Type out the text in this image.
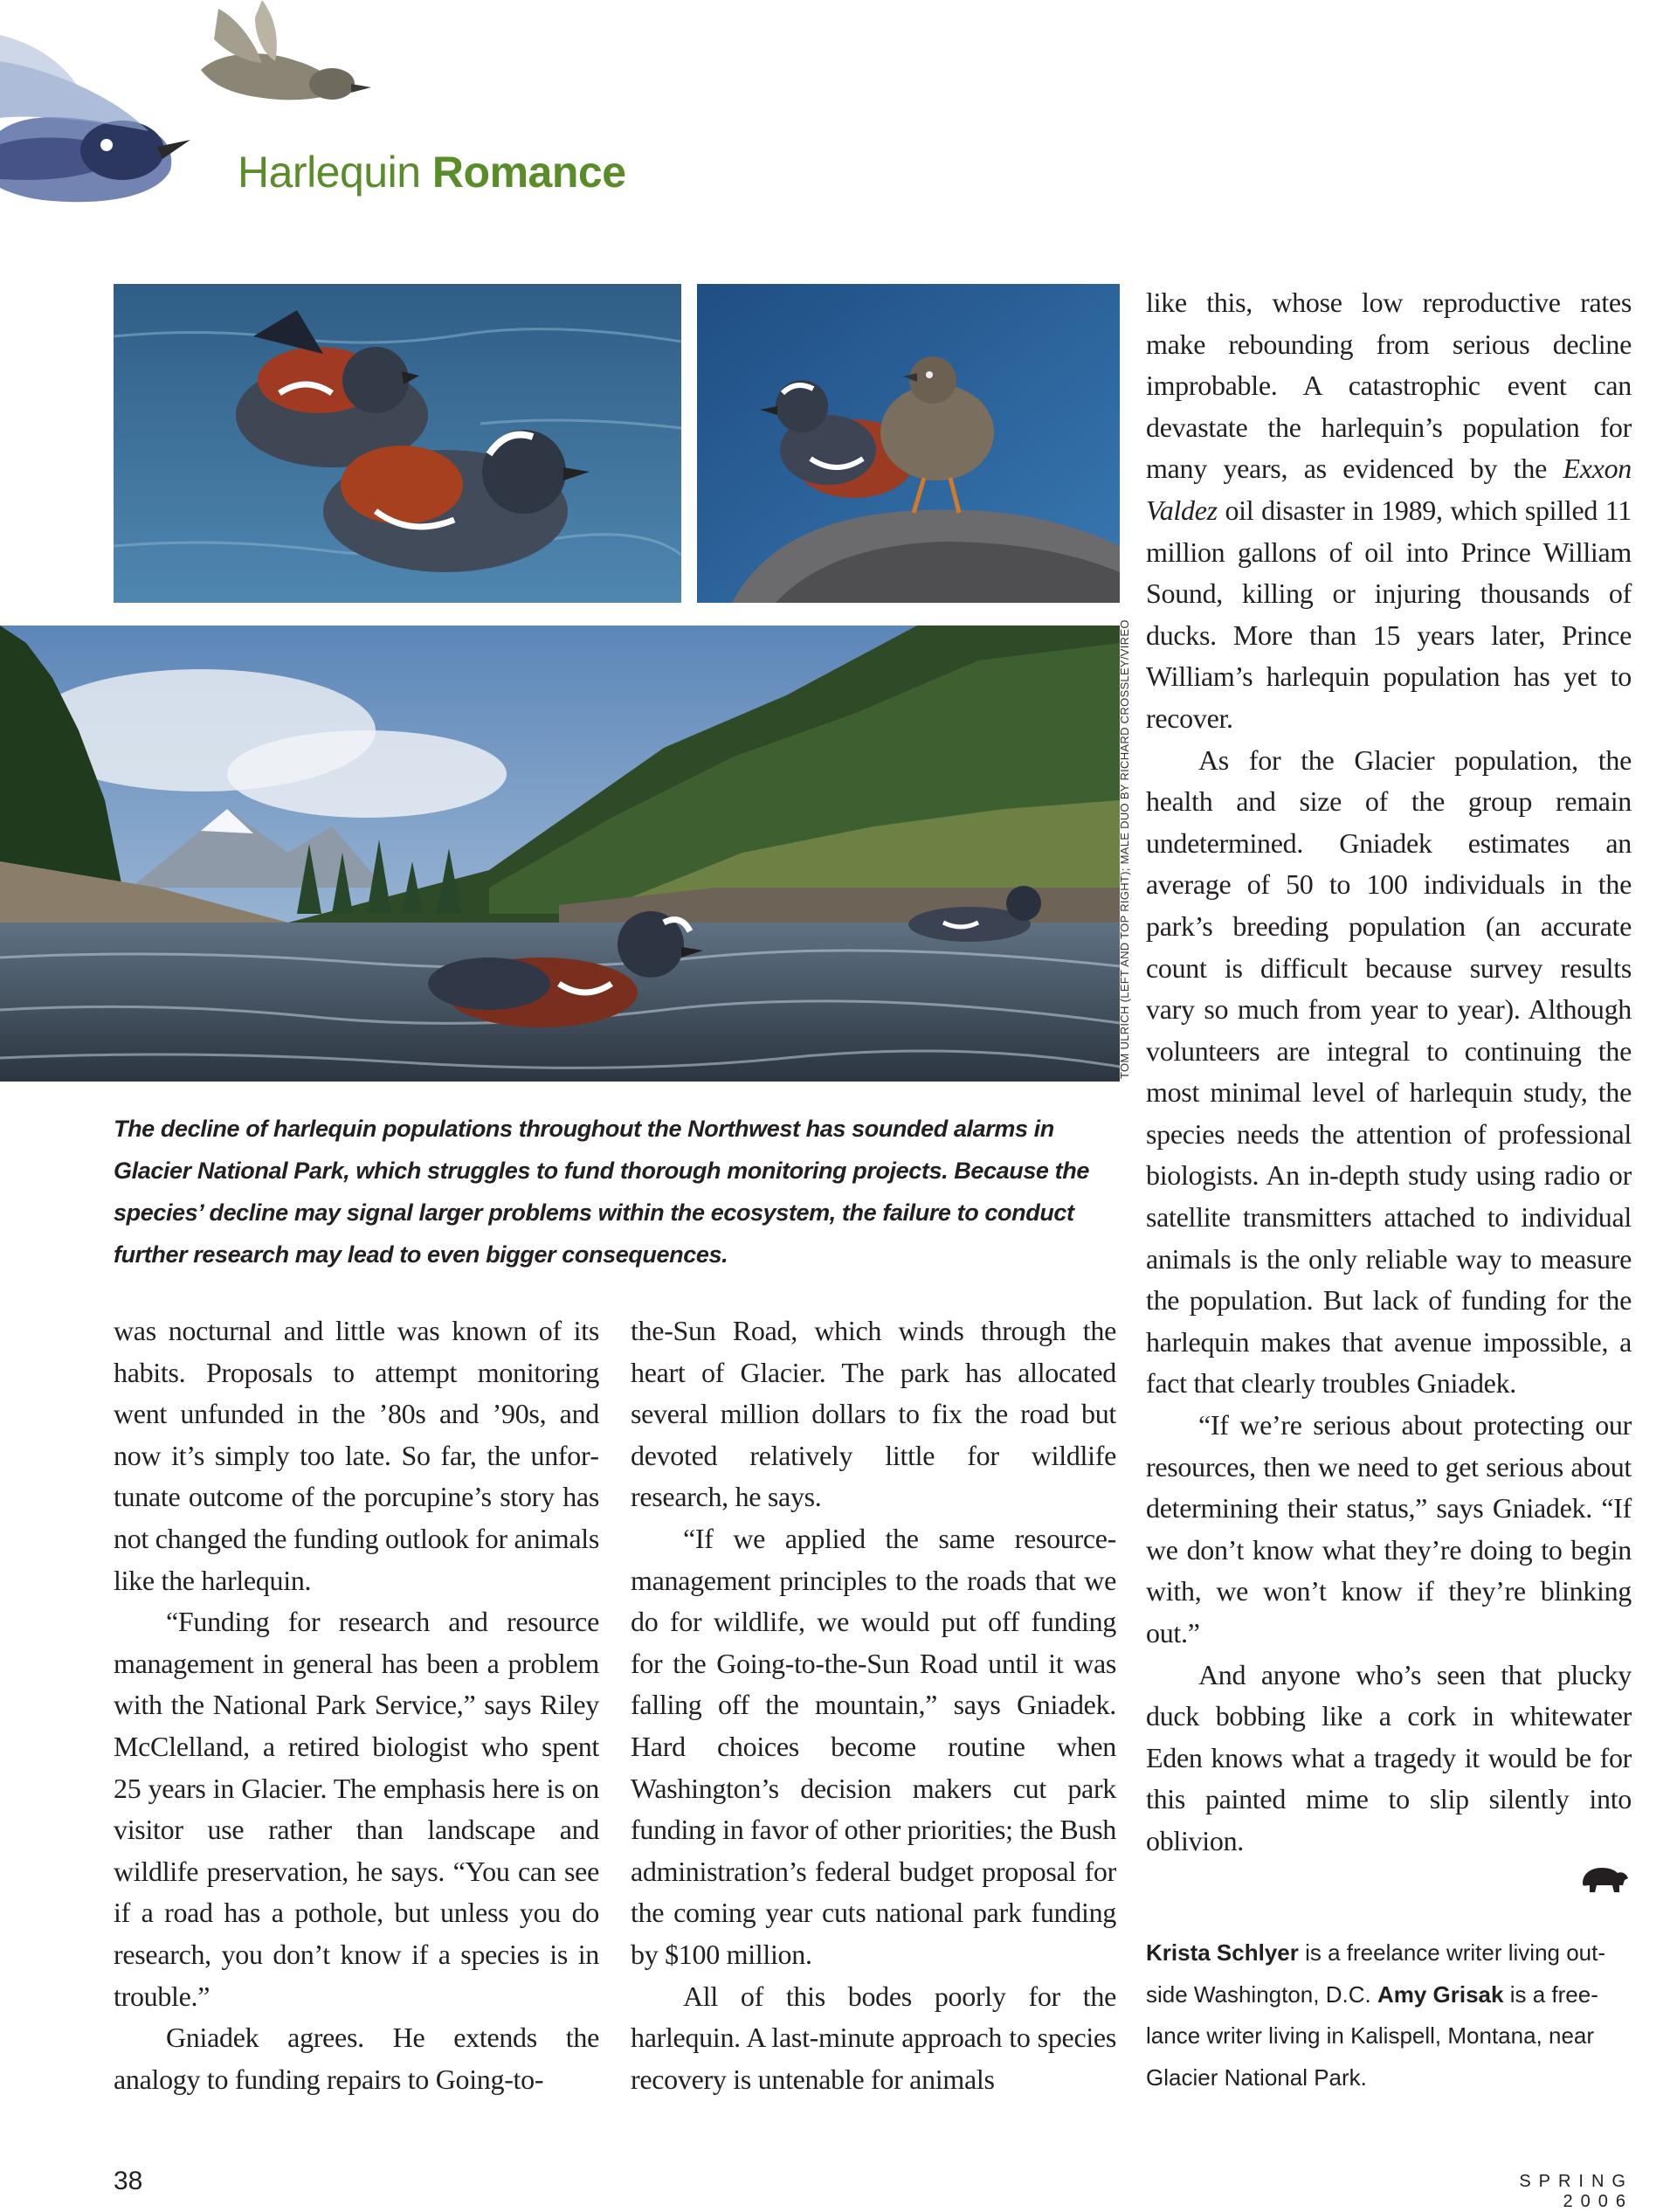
Harlequin Romance
TOM ULRICH (LEFT AND TOP RIGHT); MALE DUO BY RICHARD CROSSLEY/VIREO
The decline of harlequin populations throughout the Northwest has sounded alarms in Glacier National Park, which struggles to fund thorough monitoring projects. Because the species’ decline may signal larger problems within the ecosystem, the failure to conduct further research may lead to even bigger consequences.

was nocturnal and little was known of its habits. Proposals to attempt monitoring went unfunded in the ’80s and ’90s, and now it’s simply too late. So far, the unfortunate outcome of the porcupine’s story has not changed the funding outlook for animals like the harlequin.

“Funding for research and resource management in general has been a problem with the National Park Service,” says Riley McClelland, a retired biologist who spent 25 years in Glacier. The emphasis here is on visitor use rather than landscape and wildlife preservation, he says. “You can see if a road has a pothole, but unless you do research, you don’t know if a species is in trouble.”

Gniadek agrees. He extends the analogy to funding repairs to Going-to-

the-Sun Road, which winds through the heart of Glacier. The park has allocated several million dollars to fix the road but devoted relatively little for wildlife research, he says.

“If we applied the same resource-management principles to the roads that we do for wildlife, we would put off funding for the Going-to-the-Sun Road until it was falling off the mountain,” says Gniadek. Hard choices become routine when Washington’s decision makers cut park funding in favor of other priorities; the Bush administration’s federal budget proposal for the coming year cuts national park funding by $100 million.

All of this bodes poorly for the harlequin. A last-minute approach to species recovery is untenable for animals

like this, whose low reproductive rates make rebounding from serious decline improbable. A catastrophic event can devastate the harlequin’s population for many years, as evidenced by the Exxon Valdez oil disaster in 1989, which spilled 11 million gallons of oil into Prince William Sound, killing or injuring thousands of ducks. More than 15 years later, Prince William’s harlequin population has yet to recover.

As for the Glacier population, the health and size of the group remain undetermined. Gniadek estimates an average of 50 to 100 individuals in the park’s breeding population (an accurate count is difficult because survey results vary so much from year to year). Although volunteers are integral to continuing the most minimal level of harlequin study, the species needs the attention of professional biologists. An in-depth study using radio or satellite transmitters attached to individual animals is the only reliable way to measure the population. But lack of funding for the harlequin makes that avenue impossible, a fact that clearly troubles Gniadek.

“If we’re serious about protecting our resources, then we need to get serious about determining their status,” says Gniadek. “If we don’t know what they’re doing to begin with, we won’t know if they’re blinking out.”

And anyone who’s seen that plucky duck bobbing like a cork in whitewater Eden knows what a tragedy it would be for this painted mime to slip silently into oblivion.

Krista Schlyer is a freelance writer living outside Washington, D.C. Amy Grisak is a freelance writer living in Kalispell, Montana, near Glacier National Park.
38	SPRING 2006
